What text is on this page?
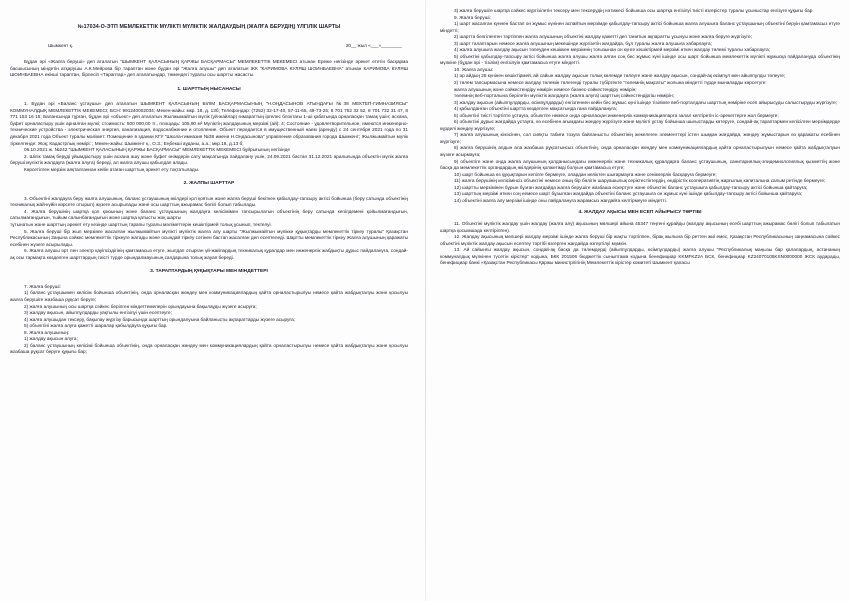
№17034-О-ЭТП МЕМЛЕКЕТТІК МҮЛІКТІ МҮЛІКТІК ЖАЛДАУДЫҢ (ЖАЛҒА БЕРУДІҢ) ҮЛГІЛІК ШАРТЫ
Шымкент қ.	20__ жыл «___»________

Бұдан әрі «Жалға беруші» деп аталатын "ШЫМКЕНТ ҚАЛАСЫНЫҢ ҚАРЖЫ БАСҚАРМАСЫ" МЕМЛЕКЕТТІК МЕКЕМЕСІ атынан Ереже негізінде әрекет ететін басқарма басшысының міндетін атқарушы А.К.Мейрова бір тараптан және бұдан әрі "Жалға алушы" деп аталатын ЖК "КАРИМОВА КУЛЯШ ШОИНБАЕВНА" атынан КАРИМОВА КУЛЯШ ШОИНБАЕВНА екінші тараптан, бірлесіп «Тараптар» деп аталатындар, төмендегі туралы осы шартты жасасты.

1. ШАРТТЫҢ НЫСАНАСЫ

1. Бұдан әрі «Баланс ұстаушы» деп аталатын ШЫМКЕНТ ҚАЛАСЫНЫҢ БІЛІМ БАСҚАРМАСЫНЫҢ "Н.ОҢДАСЫНОВ АТЫНДАҒЫ №38 МЕКТЕП-ГИМНАЗИЯСЫ" КОММУНАЛДЫҚ МЕМЛЕКЕТТІК МЕКЕМЕСІ; БСН: 991240002034; Мекен-жайы: мкр. 18, д. 13б; Телефондар: (7252) 32-17-40, 57-11-65, 49-73-25; 8 701 752 32 52, 8 701 732 31 47, 8 771 153 16 15; Балансында тұрған, бұдан әрі «объект» деп аталатын Жылжымайтын мүлік (үй-жайлар) ғимараттың іргелес блоктағы 1-ші қабатында орналасқан тамақ үшін; асхана, буфет орналастыру үшін арналған мүлкі; стоимость: 500 000,00 тг., площадь: 105,90 м² Мүліктің жалдауының мерзімі (ай): 4; Состояние - удовлетворительное, имеются инженерно-технические устройства - электрическая энергия, канализация, водоснабжение и отопление. Объект передается в имущественный наем (аренду) с 24 сентября 2021 года по 31 декабря 2021 года Объект туралы мәлімет: Помещение в здании КГУ "Школа-гимназия №38 имени Н.Ондасынова" управления образования города Шымкент; Жылжымайтын мүлік тіркелгенде: Жоқ; Кадастрлық нөмірі: ; Мекен-жайы: Шымкент қ., О.З.; Еңбекші ауданы, а.а.; мкр.18, д.13 б;

06.10.2021 ж. №242 "ШЫМКЕНТ ҚАЛАСЫНЫҢ ҚАРЖЫ БАСҚАРМАСЫ" МЕМЛЕКЕТТІК МЕКЕМЕСІ бұйрығының негізінде

2. Шілік тамақ беруді ұйымдастыру үшін асхана ашу және буфет өнімдерін сату мақсатында пайдалану үшін, 24.09.2021 бастап 31.12.2021 аралығында объектін мүлік жалға беруші мүліктік жалдауға (жалға алуға) береді, ал жалға алушы қабылдап алады.

Көрсетілген мерзім аяқталғаннан кейін атаған шарттың әрекет ету тоқтатылады.

2. ЖАЛПЫ ШАРТТАР

3. Объектіні жалдауға беру жалға алушының, баланс ұстаушының өкілдері қол қоятын және жалға беруші бекіткен қабылдау-тапсыру актісі бойынша (беру сатында объектінің техникалық жай-күйін көрсете отырып) жүзеге асырылады және осы шарттың ажырамас бөлігі болып табылады.

4. Жалға берушінің шартқа қол қоюының және баланс ұстаушының жалдауға келісімімен тапсырылатын объектінің беру сатында кепілдемені қойылмағандығын, сатылмағандығын, тыйым салынбағандығын және шартқа қатысты жоқ шарты

тұтынатын және шарттың әрекет ету кезінде шарттың тарапы туралы мәліметтерін кешіктірмей толық ұсынып, тектелуі.

5. Жалға беруші бір жыл мерзімге жасалған жылжымайтын мүлікті мүліктік жалға алу шарты "Жылжымайтын мүлікке құқықтарды мемлекеттік тіркеу туралы" Қазақстан Республикасының Заңына сәйкес мемлекеттік тіркеуге жатады және осындай тіркеу сәтінен бастап жасалған деп есептеледі. Шартты мемлекеттік тіркеу Жалға алушының қаражаты есебінен жүзеге асырылады.

6. Жалға алушы әрт пен электр қауіпсіздігінің қамтамасыз етуге, жылдап отырған үй-жайлардың техникалық құралдар мен инженерлік жабдықты дұрыс пайдалануға, сондай-ақ осы тармақта көзделген шарттардың тиісті түрде орындалмауының салдарына толық жауап береді.

3. ТАРАПТАРДЫҢ ҚҰҚЫҚТАРЫ МЕН МІНДЕТТЕРІ

7. Жалға беруші:

1) баланс ұстаушымен келісім бойынша объектінің, онда орналасқан жөндеу мен коммуникациялардың қайта орналастырылуы немесе қайта жабдықталуы және қосылуы жалға берушіге жазбаша рұқсат беруге;

2) жалға алушының осы шартқа сәйкес берілген міндеттемелерін орындауына бақылауды жүзеге асыруға;

3) жалдау ақысын, айыппұлдарды уақтылы енгізілуі үшін есептеуге;

4) жалға алушыдан тексеру, бақылау жүргізу барысында шарттың орындалуына байланысты ақпараттарды жүзеге асыруға;

5) объектіні жалға алуға қажетті шаралар қабылдауға құқығы бар.

8. Жалға алушының:

1) жалдау ақысын алуға;

2) баланс ұстаушының келісімі бойынша объектінің, онда орналасқан жөндеу мен коммуникациялардың қайта орналастырылуы немесе қайта жабдықталуы және қосылуы жазбаша рұқсат беруге құқығы бар;

3) жалға берушіге шартқа сәйкес жүргізілетін тексеру мен тексерудің нәтижесі бойынша осы шартқа енгізілуі тиісті өзгерістер туралы ұсыныстар енгізуге құқығы бар.

9. Жалға беруші:

1) шарт жасалған күннен бастап он жұмыс күнінен аспайтын мерзімде қабылдау-тапсыру актісі бойынша жалға алушыға баланс ұстаушының объектіні беруін қамтамасыз етуге міндетті;

2) шартта белгіленген тәртіппен жалға алушының объектіні жалдау қажетті деп танитын ақпаратты ұсынуы және жалға беруге жүргізуге;

3) шарт талаптарын немесе жалға алушының мекешінде жүргізетін жағдайда, бұл туралы жалға алушыға хабарлауға;

4) жалға алушыға жалдау ақысын төлеуден кешіккен мерзімнің тоғызынан он күнге кешіктірмей мерзімі өткен жалдау төлемі туралы хабарлауға;

5) объектіні қабылдау-тапсыру актісі бойынша жалға алушы жалға алған соң бес жұмыс күні ішінде осы шарт бойынша мемлекеттік мүлікті жұмысқа пайдалануда объектінің мүлкіне (бұдан әрі - тізілім) енгізілуін қамтамасыз етуге міндетті.

10. Жалға алушы:

1) әр айдың 25 күнінен кешіктірмей, ай сайын жалдау ақысын толық көлемде төлеуге және жалдау ақысын, сондай-ақ өсімпұл мен айыппұлды төлеуге;

2) төлем тапсырмасына немесе жалдау төлемін төлегенді туралы түбіртекте "төлемнің мақсаты" жолына міндетті түрде мыналарды көрсетуге:

жалға алушының және сәйкестендіру нөмірін немесе бизнес-сәйкестендіру нөмірін;

төлемнің веб-порталына берілетін мүліктік жалдауға (жалға алуға) шарттың сәйкестендіргіш нөмірін;

3) жалдау ақысын (айыппұлдарды, өсімпұлдарды) енгізгеннен кейін бес жұмыс күні ішінде тізілімге веб-порталдағы шарттың нөміріне есеп айырысуды салыстыруды жүргізуге;

4) қабылданған объектіні шартта көзделген мақсатында ғана пайдалануға;

5) объектіні тиісті тәртіпте ұстауға, объектіге немесе онда орналасқан инженерлік коммуникацияларға залал келтіретін іс-әрекеттерге жол бермеуге;

6) объектіні дұрыс жағдайда ұстауға, өз есебінен ағымдағы жөндеу жүргізуге және мүлікті ұстау бойынша шығыстарды көтеруге, сондай-ақ тараптармен келісілген мерзімдерде күрделі жөндеу жүргізуге;

7) жалға алушының кінәсінен, сол сияқты табиғи тозуға байланысты объектінің жекелеген элементтері істен шыққан жағдайда, жөндеу жұмыстарын өз қаражаты есебінен жүргізуге;

8) жалға берушінің алдын ала жазбаша рұқсатынсыз объектінің, онда орналасқан жөндеу мен коммуникациялардың қайта орналастырылуын немесе қайта жабдықталуын жүзеге асырмауға;

9) объектіге және онда жалға алушының қолданысындағы инженерлік және техникалық құралдарға баланс ұстаушының, санитариялық-эпидемиологиялық қызметтің және басқа да мемлекеттік органдардың өкілдерінің қолжетімді болуын қамтамасыз етуге;

10) шарт бойынша өз құқықтарын кепілге бермеуге, олардан иеліктен шығармауға және сенімгерлік басқаруға бермеуге;

11) жалға берушінің келісімінсіз объектіні немесе оның бір бөлігін шаруашылық серіктестіктердің, өндірістік кооперативтің жарғылық капиталына салым ретінде бермеуге;

12) шартты мерзімінен бұрын бұзған жағдайда жалға берушіге жазбаша ескертуге және объектіні баланс ұстаушыға қабылдау-тапсыру актісі бойынша қайтаруға;

13) шарттың мерзімі өткен соң немесе шарт бұзылған жағдайда объектіні баланс ұстаушыға он жұмыс күні ішінде қабылдау-тапсыру актісі бойынша қайтаруға;

14) объектіні жалға алу мерзімі ішінде оны пайдалануға жарамсыз жағдайға келтірмеуге міндетті.

4. ЖАЛДАУ АҚЫСЫ МЕН ЕСЕП АЙЫРЫСУ ТӘРТІБІ

11. Объектіні мүліктік жалдау үшін жалдау (жалға алу) ақысының мөлшері айына 45347 теңгені құрайды (жалдау ақысының есебі шарттың ажырамас бөлігі болып табылатын шартқа қосымшада келтірілген).

12. Жалдау ақысының мөлшері жалдау мерзімі ішінде жалға беруші бір жақты тәртіппен, бірақ жылына бір реттен жиі емес, Қазақстан Республикасының заңнамасына сәйкес объектіні мүліктік жалдау ақысын есептеу тәртібі өзгерген жағдайда өзгертілуі мүмкін.

13. Ай сайынғы жалдау ақысын, сондай-ақ басқа да төлемдерді (айыппұлдарды, өсімпұлдарды) жалға алушы "Республикалық маңызы бар қалалардың, астананың коммуналдық мүлкінен түсетін кірістер" кодына, БКК 201506 бюджеттік сыныптама кодына бенефициар KKMFKZ2A БСК, бенефициар KZ24070105KSN0000000 ЖСК аударады, бенефициар банкі «Қазақстан Республикасы Қаржы министрлігінің Мемлекеттік кірістер комитеті Шымкент қаласы
